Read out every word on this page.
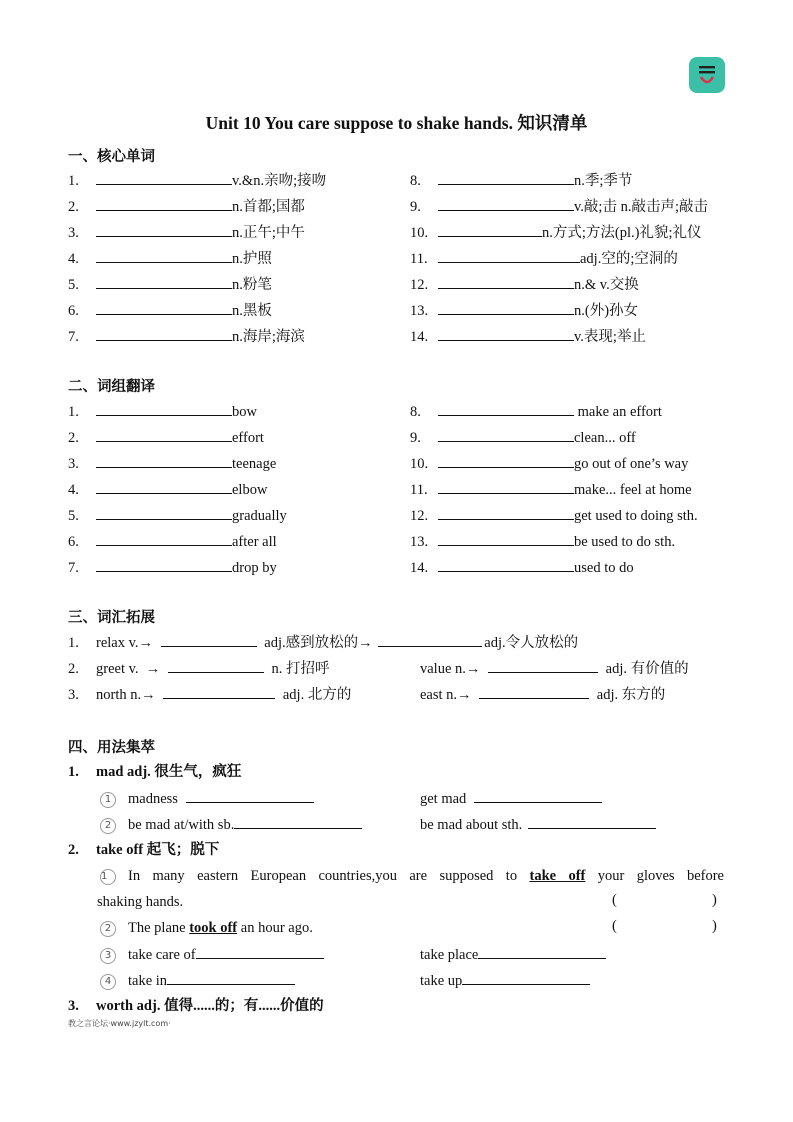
Unit 10 You care suppose to shake hands. 知识清单
一、核心单词
1.	v.&n.亲吻;接吻
2.	n.首都;国都
3.	n.正午;中午
4.	n.护照
5.	n.粉笔
6.	n.黑板
7.	n.海岸;海滨
8.	n.季;季节
9.	v.敲;击 n.敲击声;敲击
10.	n.方式;方法(pl.)礼貌;礼仪
11.	adj.空的;空洞的
12.	n.& v.交换
13.	n.(外)孙女
14.	v.表现;举止
二、词组翻译
1.	bow
2.	effort
3.	teenage
4.	elbow
5.	gradually
6.	after all
7.	drop by
8.	make an effort
9.	clean... off
10.	go out of one’s way
11.	make... feel at home
12.	get used to doing sth.
13.	be used to do sth.
14.	used to do
三、词汇拓展
1. relax v.→	adj.感到放松的→	adj.令人放松的
2. greet v. →	n. 打招呼	value n.→	adj. 有价值的
3. north n.→	adj. 北方的	east n.→	adj. 东方的
四、用法集萃
1. mad adj. 很生气，疯狂
1 madness	get mad
2 be mad at/with sb.	be mad about sth.
2. take off 起飞；脱下
1 In many eastern European countries,you are supposed to take off your gloves before
shaking hands.	(	)
2 The plane took off an hour ago.	(	)
3 take care of	take place
4 take in	take up
3. worth adj. 值得......的；有......价值的
教之言论坛·www.jzylt.com·
